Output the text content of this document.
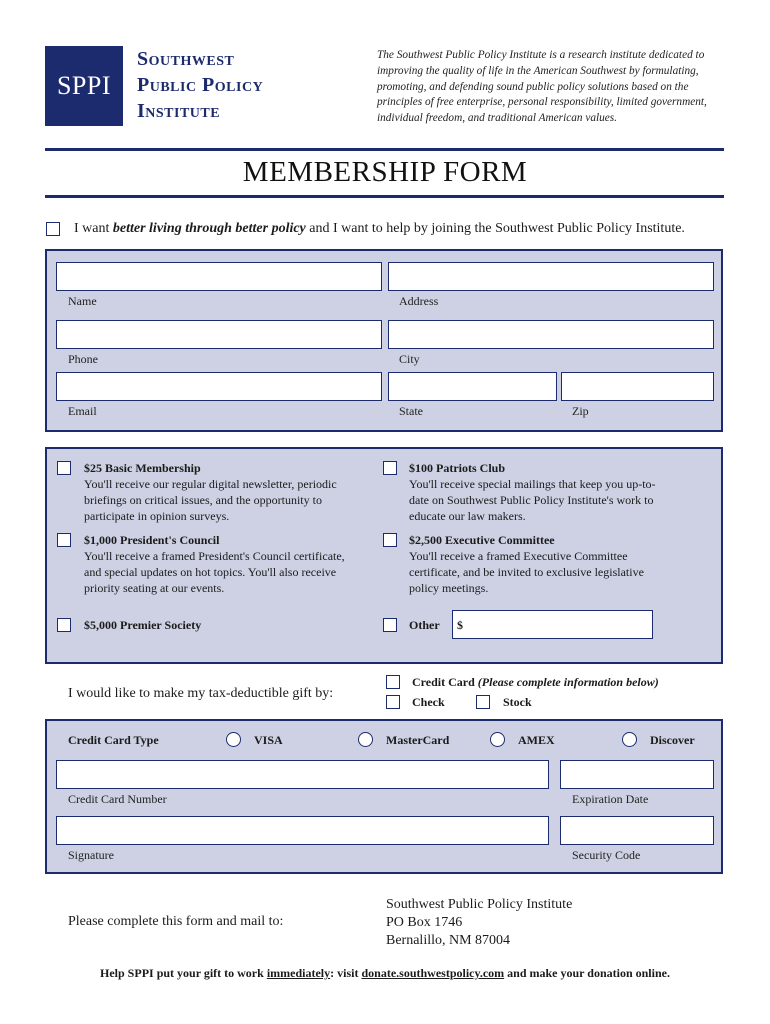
SPPI
Southwest
Public Policy
Institute
The Southwest Public Policy Institute is a research institute dedicated to improving the quality of life in the American Southwest by formulating, promoting, and defending sound public policy solutions based on the principles of free enterprise, personal responsibility, limited government, individual freedom, and traditional American values.
MEMBERSHIP FORM
I want better living through better policy and I want to help by joining the Southwest Public Policy Institute.
Name	Address
Phone	City
Email	State	Zip
$25 Basic Membership
You'll receive our regular digital newsletter, periodic briefings on critical issues, and the opportunity to participate in opinion surveys.
$100 Patriots Club
You'll receive special mailings that keep you up-to-date on Southwest Public Policy Institute's work to educate our law makers.
$1,000 President's Council
You'll receive a framed President's Council certificate, and special updates on hot topics. You'll also receive priority seating at our events.
$2,500 Executive Committee
You'll receive a framed Executive Committee certificate, and be invited to exclusive legislative policy meetings.
$5,000 Premier Society	Other $
I would like to make my tax-deductible gift by:
Credit Card (Please complete information below)
Check	Stock
Credit Card Type	VISA	MasterCard	AMEX	Discover
Credit Card Number	Expiration Date
Signature	Security Code
Please complete this form and mail to:
Southwest Public Policy Institute
PO Box 1746
Bernalillo, NM 87004
Help SPPI put your gift to work immediately: visit donate.southwestpolicy.com and make your donation online.
